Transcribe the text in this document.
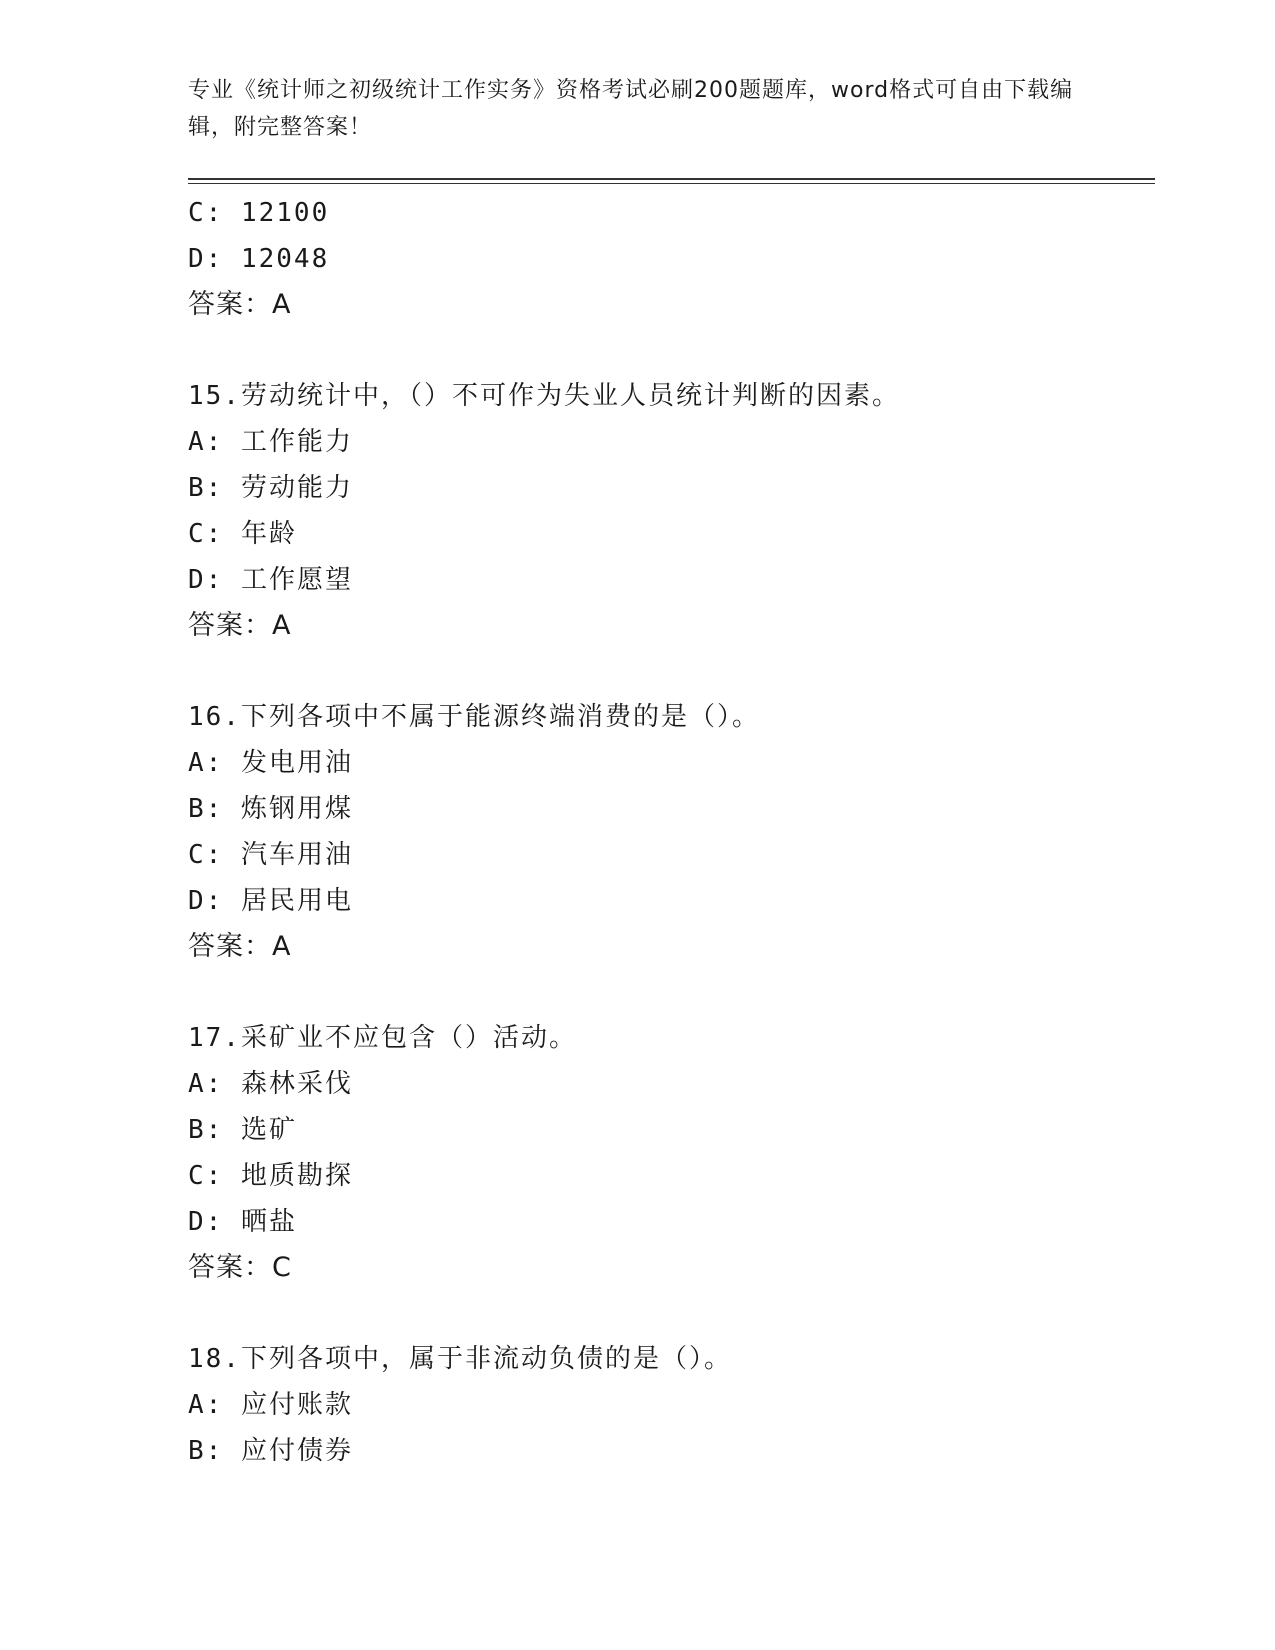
专业《统计师之初级统计工作实务》资格考试必刷200题题库，word格式可自由下载编辑，附完整答案！
C: 12100
D: 12048
答案：A
15.劳动统计中，（）不可作为失业人员统计判断的因素。
A: 工作能力
B: 劳动能力
C: 年龄
D: 工作愿望
答案：A
16.下列各项中不属于能源终端消费的是（）。
A: 发电用油
B: 炼钢用煤
C: 汽车用油
D: 居民用电
答案：A
17.采矿业不应包含（）活动。
A: 森林采伐
B: 选矿
C: 地质勘探
D: 晒盐
答案：C
18.下列各项中，属于非流动负债的是（）。
A: 应付账款
B: 应付债券
